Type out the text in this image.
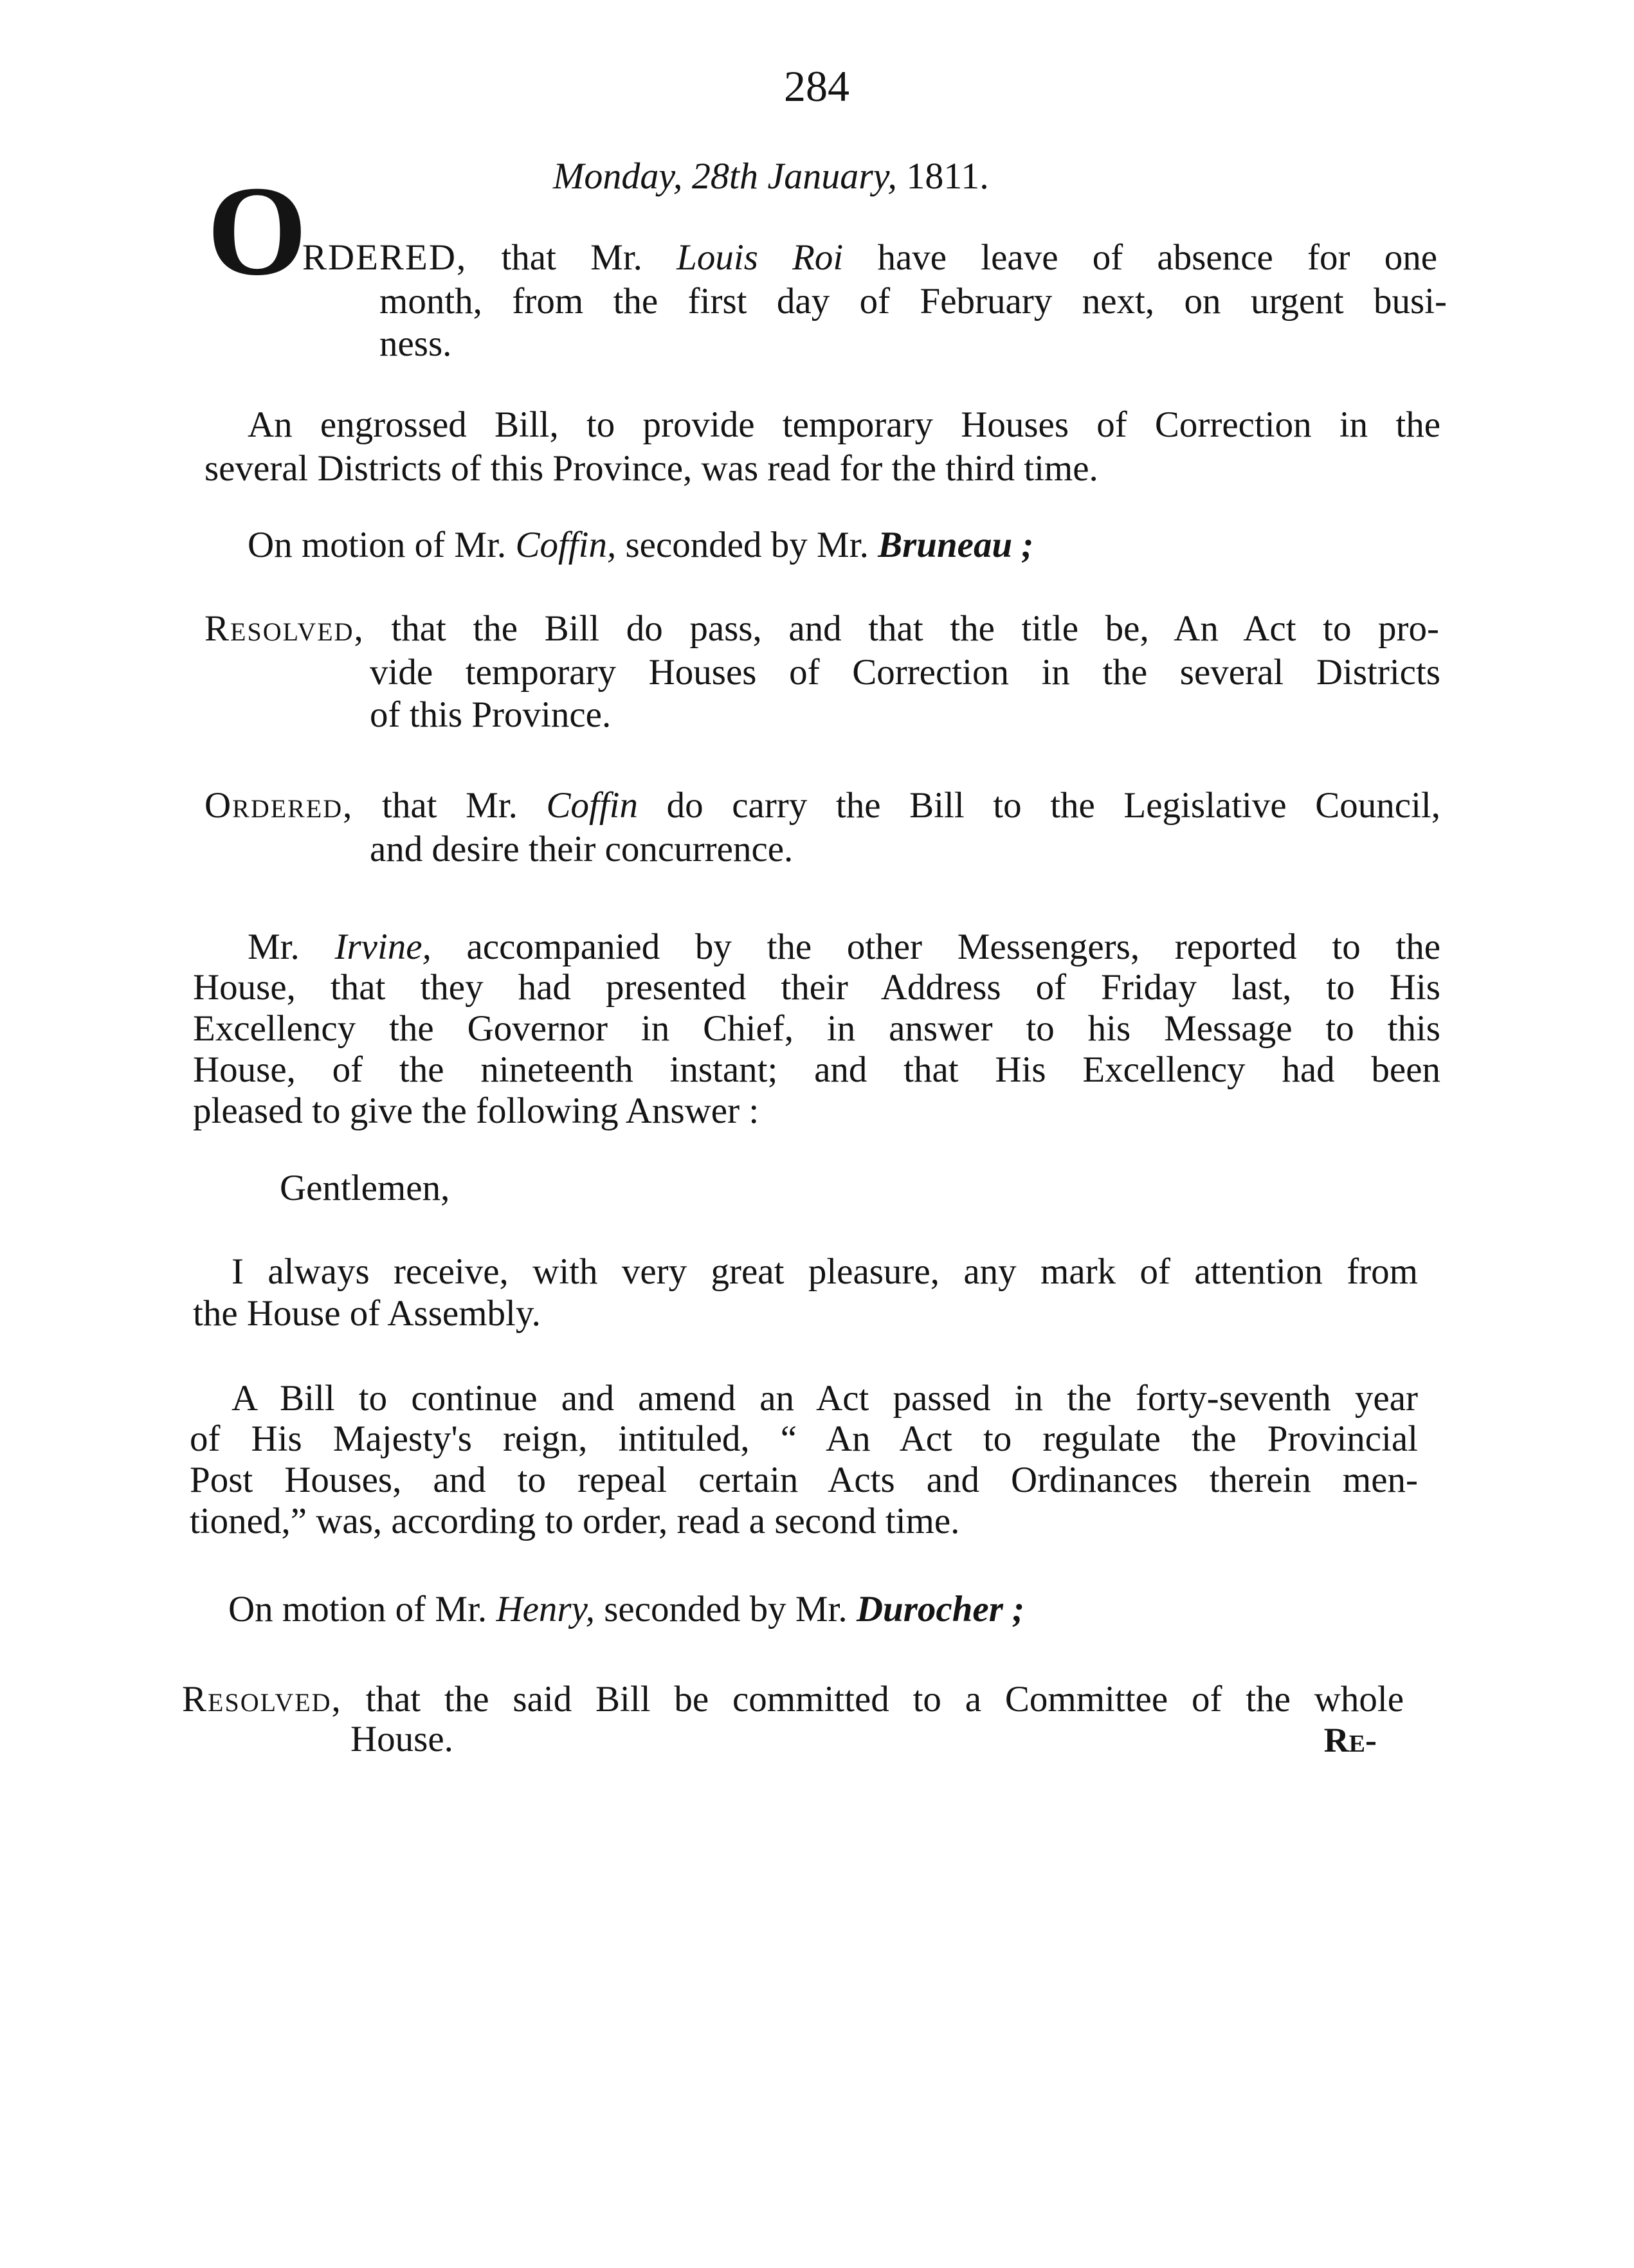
284
Monday, 28th January, 1811.
O
RDERED, that Mr. Louis Roi have leave of absence for one
month, from the first day of February next, on urgent busi-
ness.
An engrossed Bill, to provide temporary Houses of Correction in the
several Districts of this Province, was read for the third time.
On motion of Mr. Coffin, seconded by Mr. Bruneau ;
Resolved, that the Bill do pass, and that the title be, An Act to pro-
vide temporary Houses of Correction in the several Districts
of this Province.
Ordered, that Mr. Coffin do carry the Bill to the Legislative Council,
and desire their concurrence.
Mr. Irvine, accompanied by the other Messengers, reported to the
House, that they had presented their Address of Friday last, to His
Excellency the Governor in Chief, in answer to his Message to this
House, of the nineteenth instant; and that His Excellency had been
pleased to give the following Answer :
Gentlemen,
I always receive, with very great pleasure, any mark of attention from
the House of Assembly.
A Bill to continue and amend an Act passed in the forty-seventh year
of His Majesty's reign, intituled, “ An Act to regulate the Provincial
Post Houses, and to repeal certain Acts and Ordinances therein men-
tioned,” was, according to order, read a second time.
On motion of Mr. Henry, seconded by Mr. Durocher ;
Resolved, that the said Bill be committed to a Committee of the whole
House.	Re-
